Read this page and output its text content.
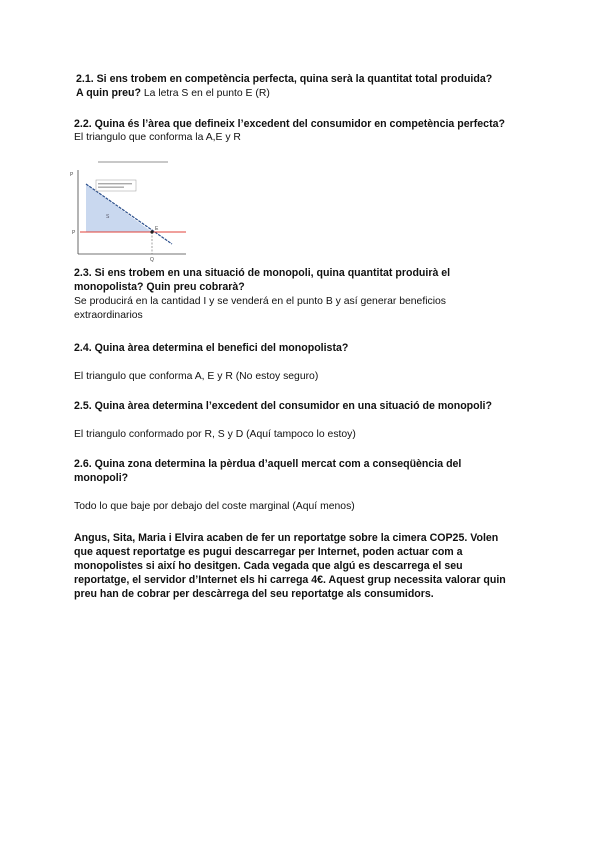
2.1. Si ens trobem en competència perfecta, quina serà la quantitat total produida?
A quin preu? La letra S en el punto E (R)
2.2. Quina és l’àrea que defineix l’excedent del consumidor en competència perfecta?
El triangulo que conforma la A,E y R
P
S
E
Q
P
2.3. Si ens trobem en una situació de monopoli, quina quantitat produirà el
monopolista? Quin preu cobrarà?
Se producirá en la cantidad I y se venderá en el punto B y así generar beneficios
extraordinarios
2.4. Quina àrea determina el benefici del monopolista?
El triangulo que conforma A, E y R (No estoy seguro)
2.5. Quina àrea determina l’excedent del consumidor en una situació de monopoli?
El triangulo conformado por R, S y D (Aquí tampoco lo estoy)
2.6. Quina zona determina la pèrdua d’aquell mercat com a conseqüència del
monopoli?
Todo lo que baje por debajo del coste marginal (Aquí menos)
Angus, Sita, Maria i Elvira acaben de fer un reportatge sobre la cimera COP25. Volen
que aquest reportatge es pugui descarregar per Internet, poden actuar com a
monopolistes si així ho desitgen. Cada vegada que algú es descarrega el seu
reportatge, el servidor d’Internet els hi carrega 4€. Aquest grup necessita valorar quin
preu han de cobrar per descàrrega del seu reportatge als consumidors.
